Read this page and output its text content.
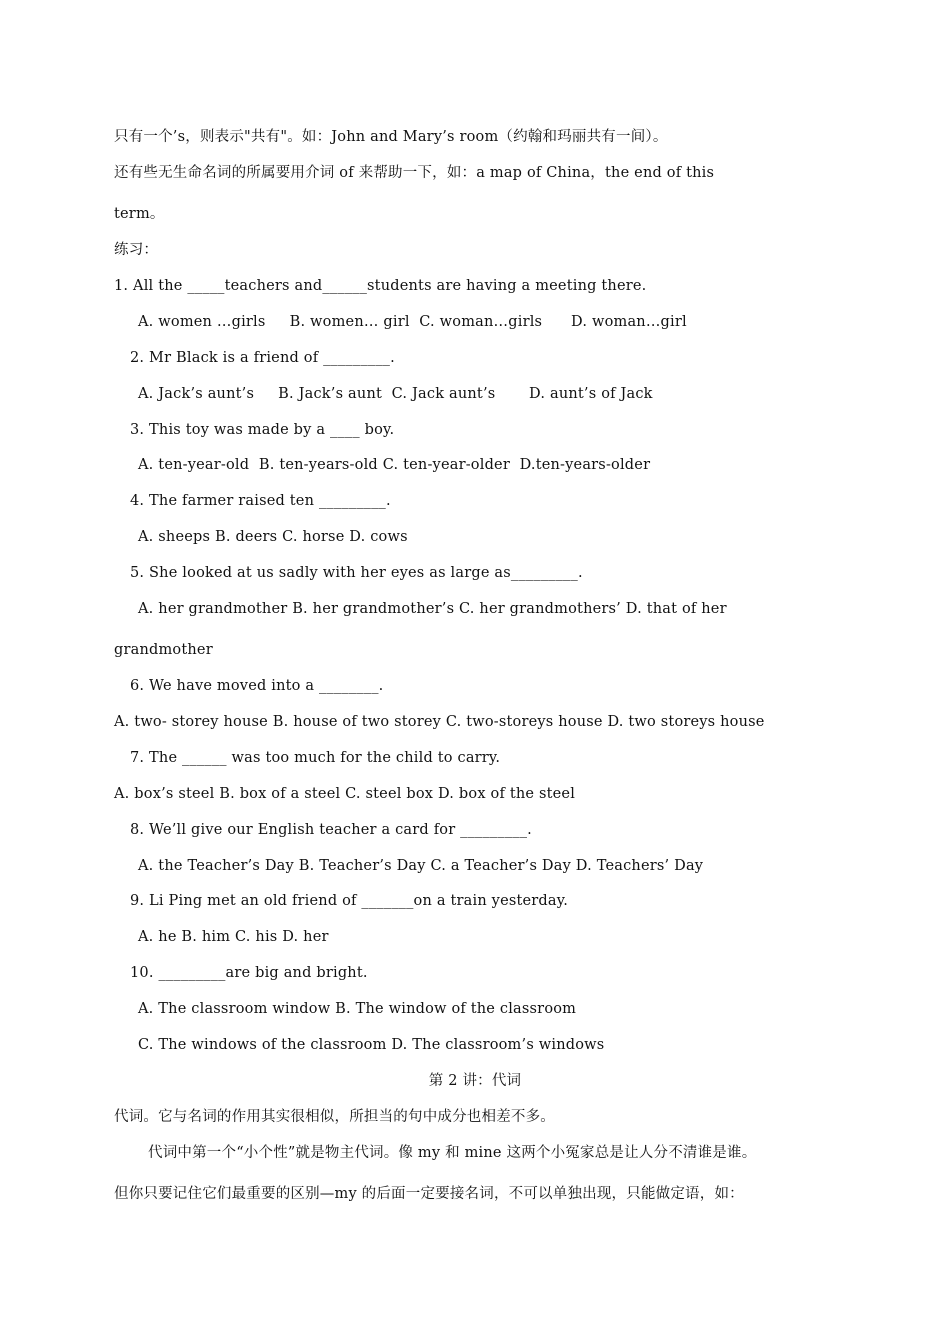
只有一个’s，则表示"共有"。如：John and Mary’s room（约翰和玛丽共有一间）。
还有些无生命名词的所属要用介词 of 来帮助一下，如：a map of China，the end of this
term。
练习：
1. All the _____teachers and______students are having a meeting there.
A. women …girls     B. women… girl  C. woman…girls      D. woman…girl
2. Mr Black is a friend of _________.
A. Jack’s aunt’s     B. Jack’s aunt  C. Jack aunt’s       D. aunt’s of Jack
3. This toy was made by a ____ boy.
A. ten-year-old  B. ten-years-old C. ten-year-older  D.ten-years-older
4. The farmer raised ten _________.
A. sheeps B. deers C. horse D. cows
5. She looked at us sadly with her eyes as large as_________.
A. her grandmother B. her grandmother’s C. her grandmothers’ D. that of her
grandmother
6. We have moved into a ________.
A. two- storey house B. house of two storey C. two-storeys house D. two storeys house
7. The ______ was too much for the child to carry.
A. box’s steel B. box of a steel C. steel box D. box of the steel
8. We’ll give our English teacher a card for _________.
A. the Teacher’s Day B. Teacher’s Day C. a Teacher’s Day D. Teachers’ Day
9. Li Ping met an old friend of _______on a train yesterday.
A. he B. him C. his D. her
10. _________are big and bright.
A. The classroom window B. The window of the classroom
C. The windows of the classroom D. The classroom’s windows
第 2 讲：代词
代词。它与名词的作用其实很相似，所担当的句中成分也相差不多。
代词中第一个“小个性”就是物主代词。像 my 和 mine 这两个小冤家总是让人分不清谁是谁。
但你只要记住它们最重要的区别—my 的后面一定要接名词，不可以单独出现，只能做定语，如：
